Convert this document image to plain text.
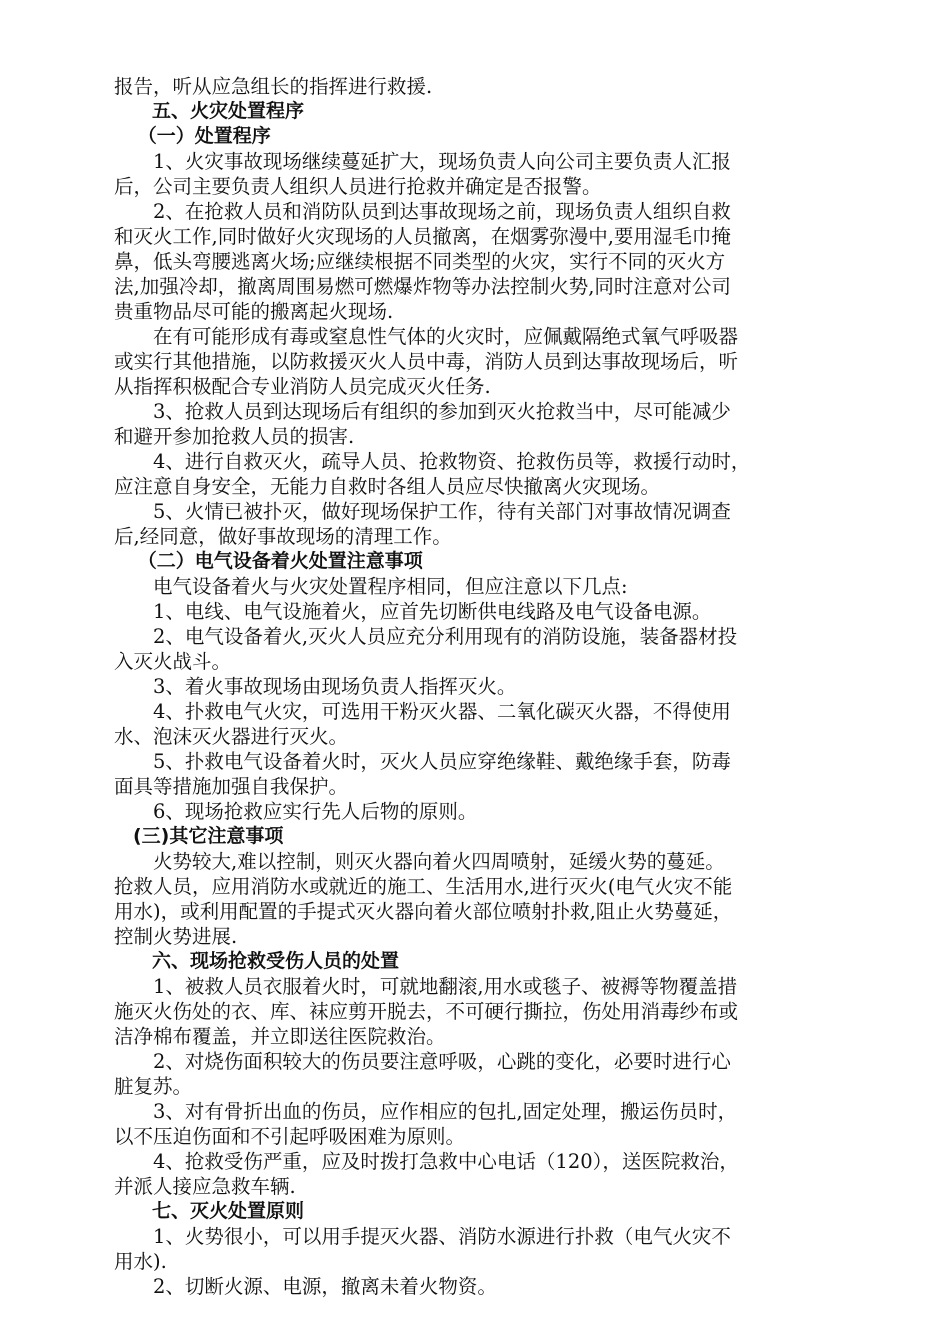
报告，听从应急组长的指挥进行救援.

五、火灾处置程序

（一）处置程序

1、火灾事故现场继续蔓延扩大，现场负责人向公司主要负责人汇报

后，公司主要负责人组织人员进行抢救并确定是否报警。

2、在抢救人员和消防队员到达事故现场之前，现场负责人组织自救

和灭火工作,同时做好火灾现场的人员撤离，在烟雾弥漫中,要用湿毛巾掩

鼻，低头弯腰逃离火场;应继续根据不同类型的火灾，实行不同的灭火方

法,加强冷却，撤离周围易燃可燃爆炸物等办法控制火势,同时注意对公司

贵重物品尽可能的搬离起火现场.

在有可能形成有毒或窒息性气体的火灾时，应佩戴隔绝式氧气呼吸器

或实行其他措施，以防救援灭火人员中毒，消防人员到达事故现场后，听

从指挥积极配合专业消防人员完成灭火任务.

3、抢救人员到达现场后有组织的参加到灭火抢救当中，尽可能减少

和避开参加抢救人员的损害.

4、进行自救灭火，疏导人员、抢救物资、抢救伤员等，救援行动时，

应注意自身安全，无能力自救时各组人员应尽快撤离火灾现场。

5、火情已被扑灭，做好现场保护工作，待有关部门对事故情况调查

后,经同意，做好事故现场的清理工作。

（二）电气设备着火处置注意事项

电气设备着火与火灾处置程序相同，但应注意以下几点:

1、电线、电气设施着火，应首先切断供电线路及电气设备电源。

2、电气设备着火,灭火人员应充分利用现有的消防设施，装备器材投

入灭火战斗。

3、着火事故现场由现场负责人指挥灭火。

4、扑救电气火灾，可选用干粉灭火器、二氧化碳灭火器，不得使用

水、泡沫灭火器进行灭火。

5、扑救电气设备着火时，灭火人员应穿绝缘鞋、戴绝缘手套，防毒

面具等措施加强自我保护。

6、现场抢救应实行先人后物的原则。

(三)其它注意事项

火势较大,难以控制，则灭火器向着火四周喷射，延缓火势的蔓延。

抢救人员，应用消防水或就近的施工、生活用水,进行灭火(电气火灾不能

用水)，或利用配置的手提式灭火器向着火部位喷射扑救,阻止火势蔓延，

控制火势进展.

六、现场抢救受伤人员的处置

1、被救人员衣服着火时，可就地翻滚,用水或毯子、被褥等物覆盖措

施灭火伤处的衣、库、袜应剪开脱去，不可硬行撕拉，伤处用消毒纱布或

洁净棉布覆盖，并立即送往医院救治。

2、对烧伤面积较大的伤员要注意呼吸，心跳的变化，必要时进行心

脏复苏。

3、对有骨折出血的伤员，应作相应的包扎,固定处理，搬运伤员时，

以不压迫伤面和不引起呼吸困难为原则。

4、抢救受伤严重，应及时拨打急救中心电话（120），送医院救治，

并派人接应急救车辆.

七、灭火处置原则

1、火势很小，可以用手提灭火器、消防水源进行扑救（电气火灾不

用水).

2、切断火源、电源，撤离未着火物资。
